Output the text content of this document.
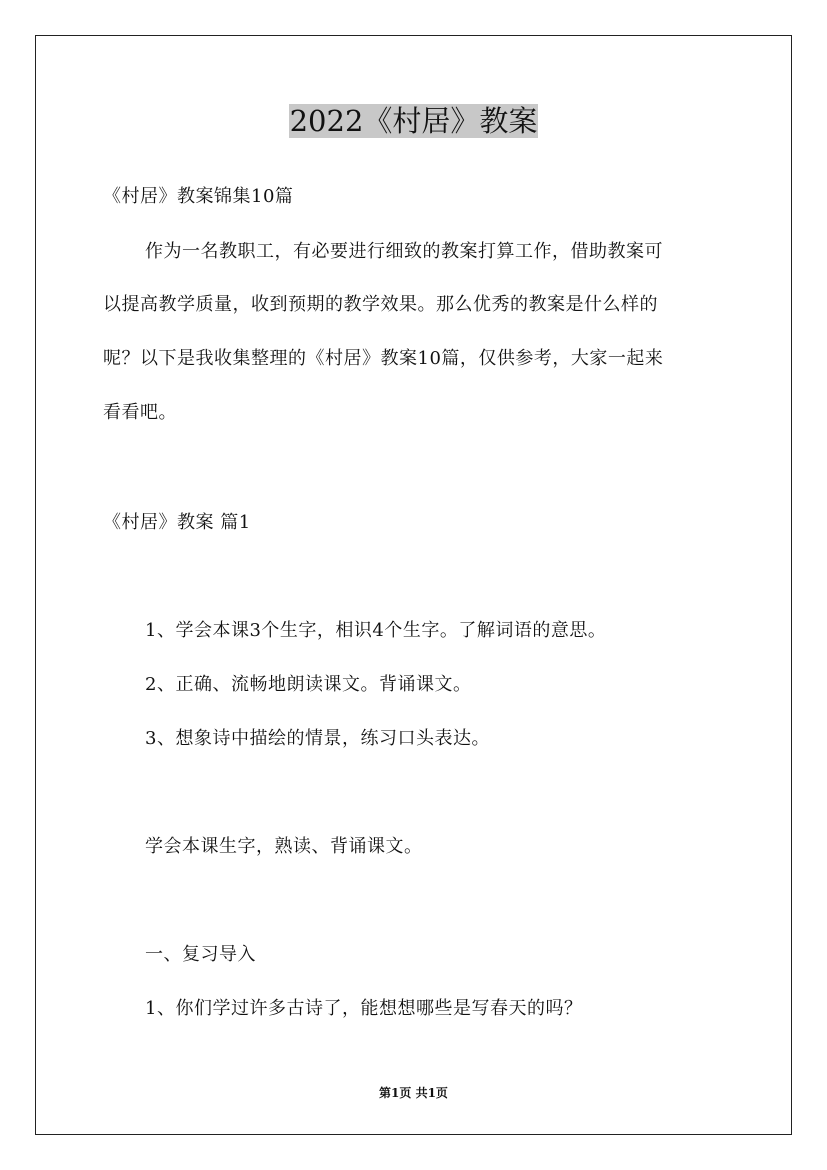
2022《村居》教案
《村居》教案锦集10篇
作为一名教职工，有必要进行细致的教案打算工作，借助教案可
以提高教学质量，收到预期的教学效果。那么优秀的教案是什么样的
呢？以下是我收集整理的《村居》教案10篇，仅供参考，大家一起来
看看吧。
《村居》教案 篇1
1、学会本课3个生字，相识4个生字。了解词语的意思。
2、正确、流畅地朗读课文。背诵课文。
3、想象诗中描绘的情景，练习口头表达。
学会本课生字，熟读、背诵课文。
一、复习导入
1、你们学过许多古诗了，能想想哪些是写春天的吗？
第1页 共1页
